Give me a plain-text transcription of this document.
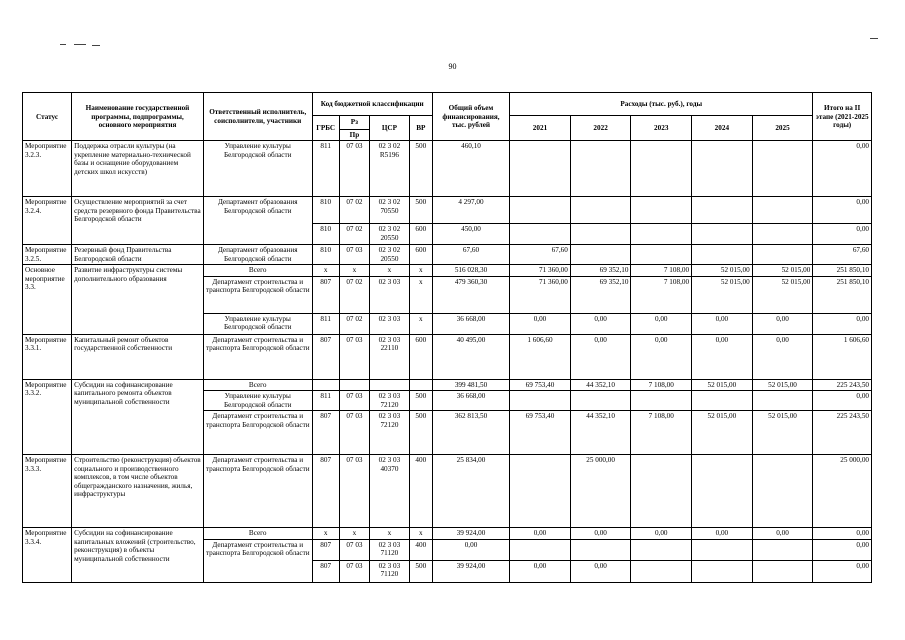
90
Статус	Наименование государственной программы, подпрограммы, основного мероприятия	Ответственный исполнитель, соисполнители, участники	Код бюджетной классификации				Общий объем финансирования, тыс. рублей	Расходы (тыс. руб.), годы					Итого на II этапе (2021-2025 годы)
			ГРБС	Рз	ЦСР	ВР		2021	2022	2023	2024	2025	
				Пр									
Мероприятие 3.2.3.	Поддержка отрасли культуры (на укрепление материально-технической базы и оснащение оборудованием детских школ искусств)	Управление культуры Белгородской области	811	07 03	02 3 02 R5196	500	460,10						0,00
Мероприятие 3.2.4.	Осуществление мероприятий за счет средств резервного фонда Правительства Белгородской области	Департамент образования Белгородской области	810	07 02	02 3 02 70550	500	4 297,00						0,00
			810	07 02	02 3 02 20550	600	450,00						0,00
Мероприятие 3.2.5.	Резервный фонд Правительства Белгородской области	Департамент образования Белгородской области	810	07 03	02 3 02 20550	600	67,60	67,60					67,60
Основное мероприятие 3.3.	Развитие инфраструктуры системы дополнительного образования	Всего	х	х	х	х	516 028,30	71 360,00	69 352,10	7 108,00	52 015,00	52 015,00	251 850,10
		Департамент строительства и транспорта Белгородской области	807	07 02	02 3 03	х	479 360,30	71 360,00	69 352,10	7 108,00	52 015,00	52 015,00	251 850,10
		Управление культуры Белгородской области	811	07 02	02 3 03	х	36 668,00	0,00	0,00	0,00	0,00	0,00	0,00
Мероприятие 3.3.1.	Капитальный ремонт объектов государственной собственности	Департамент строительства и транспорта Белгородской области	807	07 03	02 3 03 22110	600	40 495,00	1 606,60	0,00	0,00	0,00	0,00	1 606,60
Мероприятие 3.3.2.	Субсидии на софинансирование капитального ремонта объектов муниципальной собственности	Всего					399 481,50	69 753,40	44 352,10	7 108,00	52 015,00	52 015,00	225 243,50
		Управление культуры Белгородской области	811	07 03	02 3 03 72120	500	36 668,00						0,00
		Департамент строительства и транспорта Белгородской области	807	07 03	02 3 03 72120	500	362 813,50	69 753,40	44 352,10	7 108,00	52 015,00	52 015,00	225 243,50
Мероприятие 3.3.3.	Строительство (реконструкция) объектов социального и производственного комплексов, в том числе объектов общегражданского назначения, жилья, инфраструктуры	Департамент строительства и транспорта Белгородской области	807	07 03	02 3 03 40370	400	25 834,00		25 000,00				25 000,00
Мероприятие 3.3.4.	Субсидии на софинансирование капитальных вложений (строительство, реконструкция) в объекты муниципальной собственности	Всего	х	х	х	х	39 924,00	0,00	0,00	0,00	0,00	0,00	0,00
		Департамент строительства и транспорта Белгородской области	807	07 03	02 3 03 71120	400	0,00						0,00
			807	07 03	02 3 03 71120	500	39 924,00	0,00	0,00				0,00
